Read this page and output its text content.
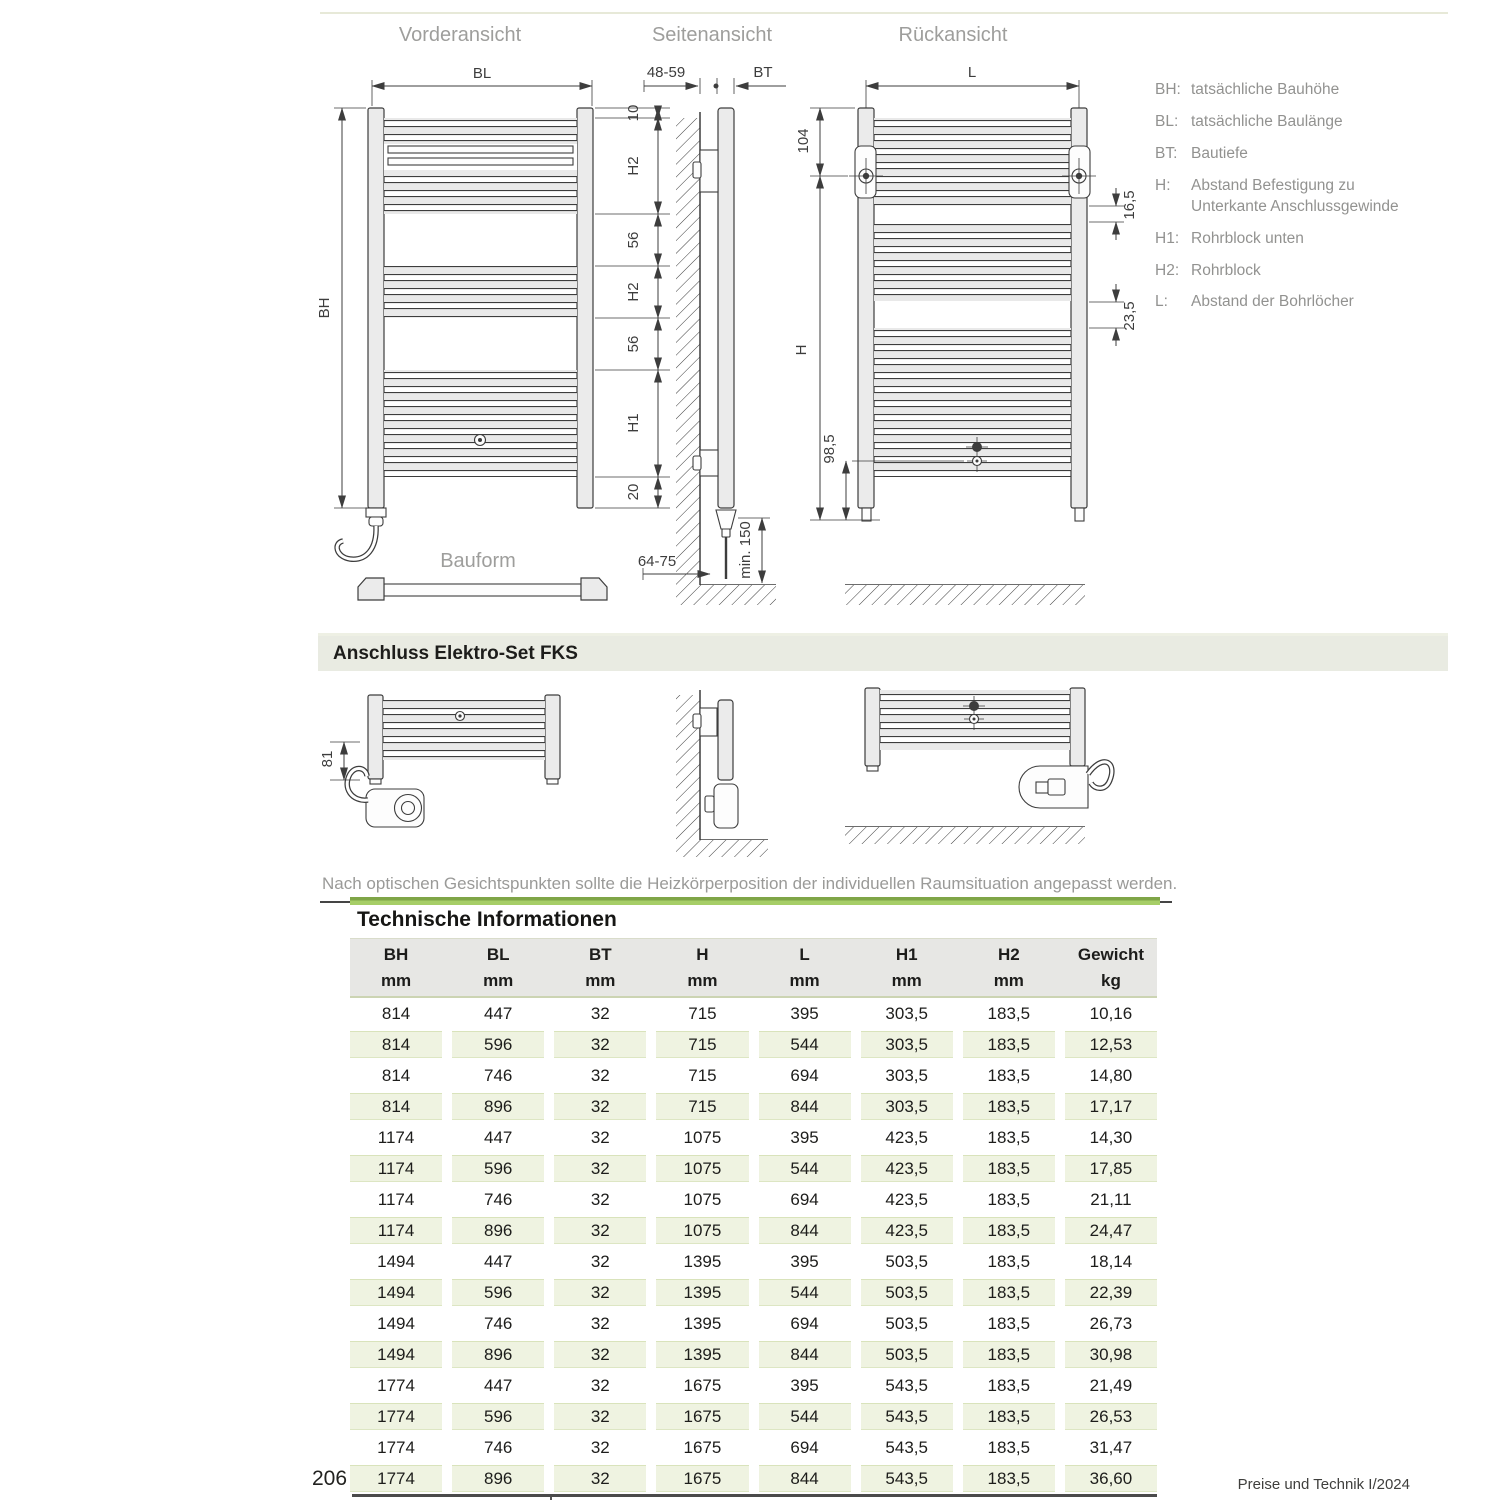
Vorderansicht	Seitenansicht	Rückansicht
BL
BH
10
H2
56
H2
56
H1
20
48-59	BT
min. 150
64-75
L
104
H
16,5
23,5
98,5
81
BH: tatsächliche Bauhöhe
BL: tatsächliche Baulänge
BT: Bautiefe
H:	Abstand Befestigung zu Unterkante Anschlussgewinde
H1: Rohrblock unten
H2: Rohrblock
L:	Abstand der Bohrlöcher
Bauform
Anschluss Elektro-Set FKS
Nach optischen Gesichtspunkten sollte die Heizkörperposition der individuellen Raumsituation angepasst werden.
Technische Informationen
BH
mm
BL
mm
BT
mm
H
mm
L
mm
H1
mm
H2
mm
Gewicht
kg
814	447	32	715	395	303,5	183,5	10,16
814	596	32	715	544	303,5	183,5	12,53
814	746	32	715	694	303,5	183,5	14,80
814	896	32	715	844	303,5	183,5	17,17
1174	447	32	1075	395	423,5	183,5	14,30
1174	596	32	1075	544	423,5	183,5	17,85
1174	746	32	1075	694	423,5	183,5	21,11
1174	896	32	1075	844	423,5	183,5	24,47
1494	447	32	1395	395	503,5	183,5	18,14
1494	596	32	1395	544	503,5	183,5	22,39
1494	746	32	1395	694	503,5	183,5	26,73
1494	896	32	1395	844	503,5	183,5	30,98
1774	447	32	1675	395	543,5	183,5	21,49
1774	596	32	1675	544	543,5	183,5	26,53
1774	746	32	1675	694	543,5	183,5	31,47
1774	896	32	1675	844	543,5	183,5	36,60
206	Preise und Technik I/2024
